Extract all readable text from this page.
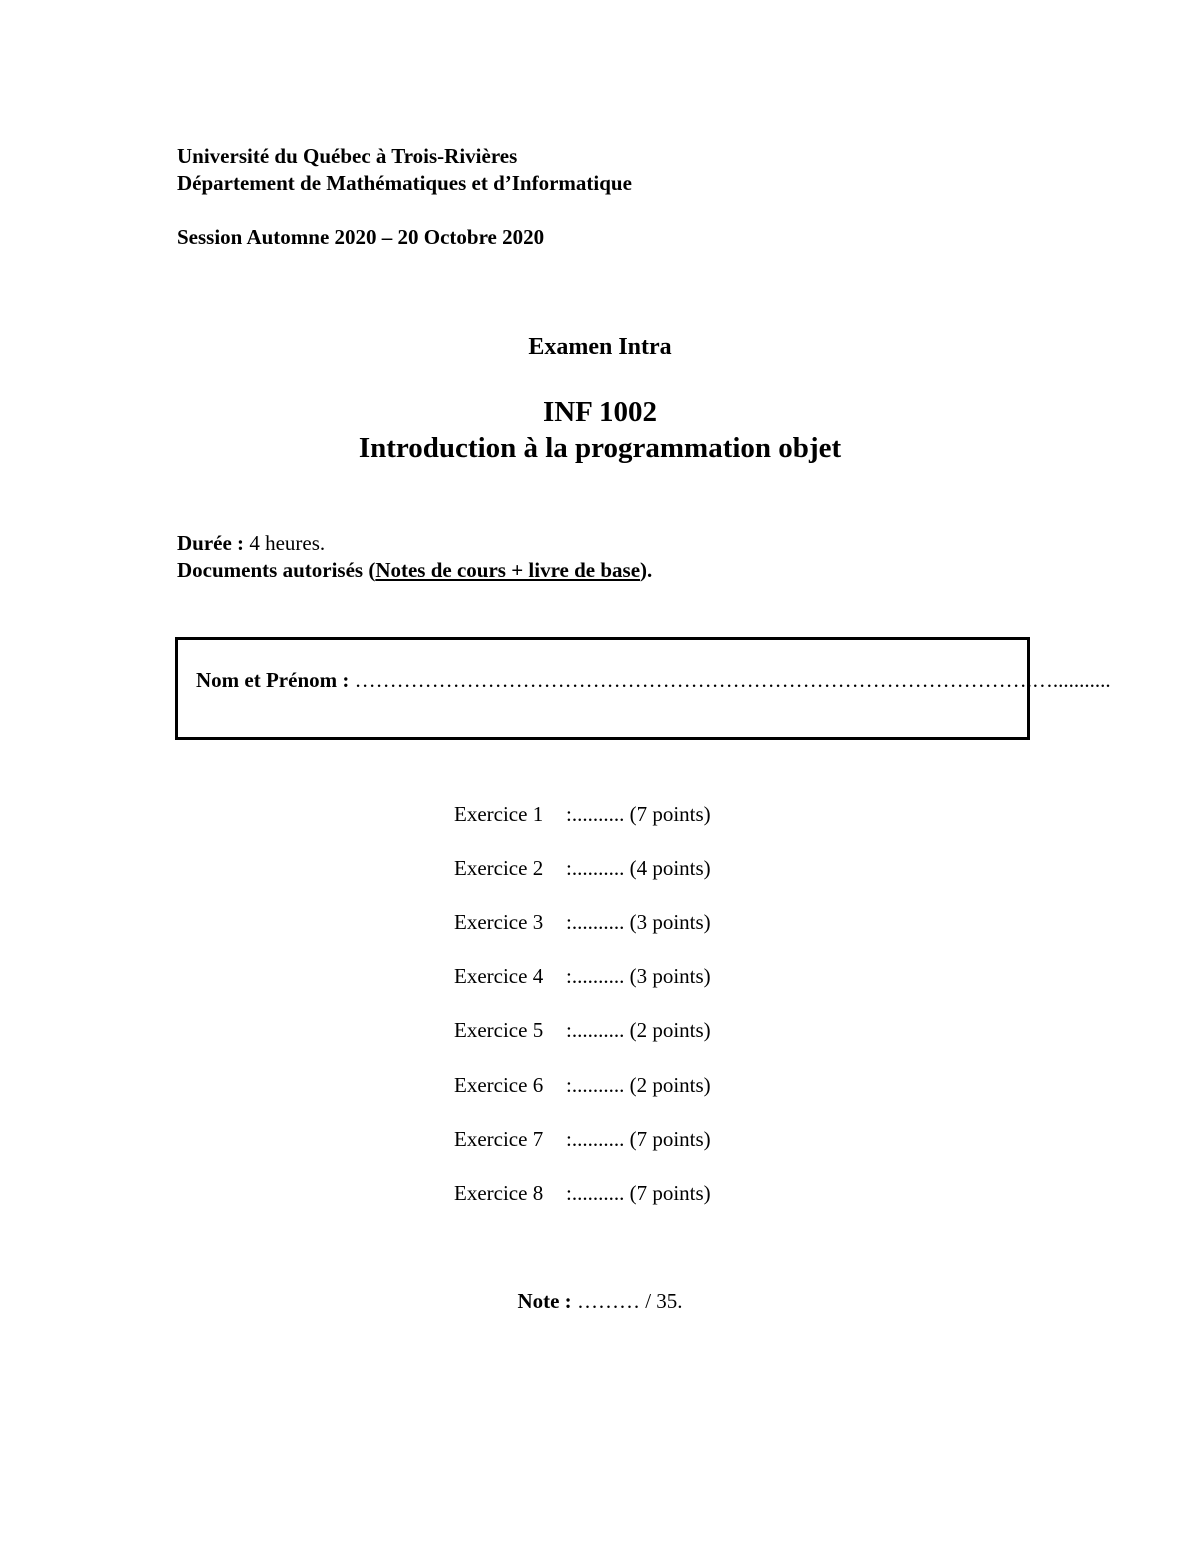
Université du Québec à Trois-Rivières
Département de Mathématiques et d’Informatique
Session Automne 2020 – 20 Octobre 2020
Examen Intra
INF 1002
Introduction à la programmation objet
Durée : 4 heures.
Documents autorisés (Notes de cours + livre de base).
Nom et Prénom : …………………………………………………………………………………….…...........
Exercice 1 :.......... (7 points)
Exercice 2 :.......... (4 points)
Exercice 3 :.......... (3 points)
Exercice 4 :.......... (3 points)
Exercice 5 :.......... (2 points)
Exercice 6 :.......... (2 points)
Exercice 7 :.......... (7 points)
Exercice 8 :.......... (7 points)
Note : ……… / 35.
